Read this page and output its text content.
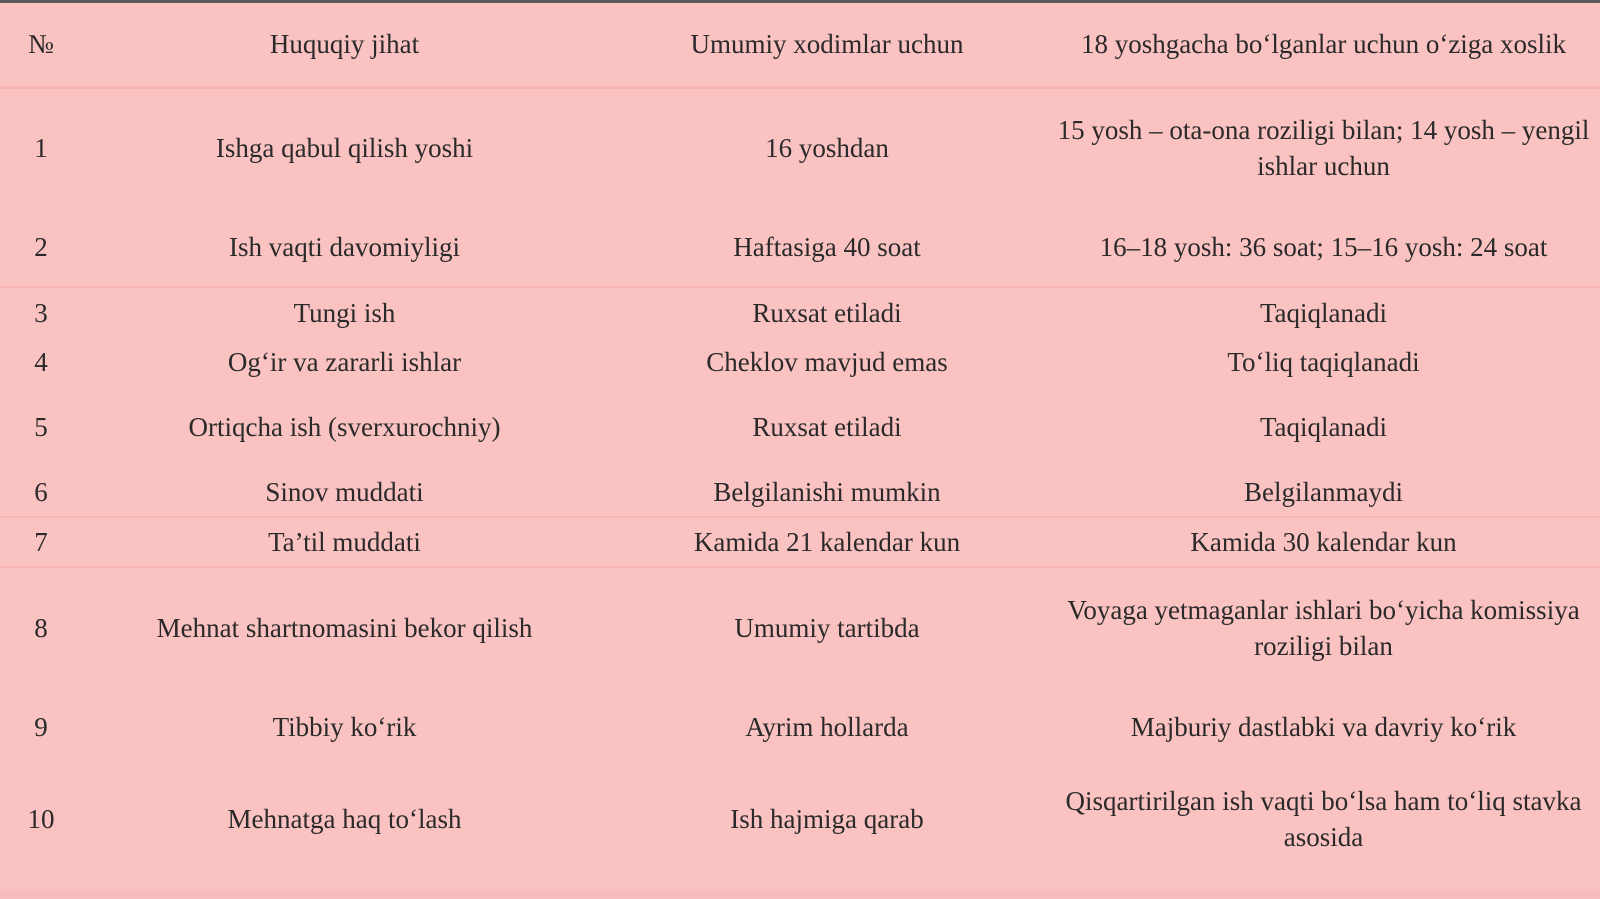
№	Huquqiy jihat	Umumiy xodimlar uchun	18 yoshgacha bo‘lganlar uchun o‘ziga xoslik
1	Ishga qabul qilish yoshi	16 yoshdan	15 yosh – ota-ona roziligi bilan; 14 yosh – yengil ishlar uchun
2	Ish vaqti davomiyligi	Haftasiga 40 soat	16–18 yosh: 36 soat; 15–16 yosh: 24 soat
3	Tungi ish	Ruxsat etiladi	Taqiqlanadi
4	Og‘ir va zararli ishlar	Cheklov mavjud emas	To‘liq taqiqlanadi
5	Ortiqcha ish (sverxurochniy)	Ruxsat etiladi	Taqiqlanadi
6	Sinov muddati	Belgilanishi mumkin	Belgilanmaydi
7	Ta’til muddati	Kamida 21 kalendar kun	Kamida 30 kalendar kun
8	Mehnat shartnomasini bekor qilish	Umumiy tartibda	Voyaga yetmaganlar ishlari bo‘yicha komissiya roziligi bilan
9	Tibbiy ko‘rik	Ayrim hollarda	Majburiy dastlabki va davriy ko‘rik
10	Mehnatga haq to‘lash	Ish hajmiga qarab	Qisqartirilgan ish vaqti bo‘lsa ham to‘liq stavka asosida
